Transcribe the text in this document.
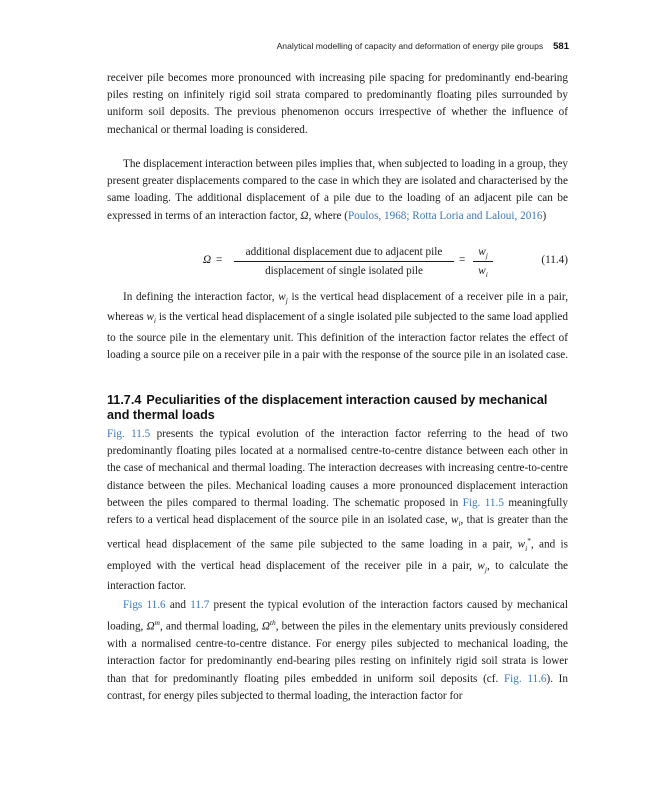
Analytical modelling of capacity and deformation of energy pile groups 581

receiver pile becomes more pronounced with increasing pile spacing for predominantly end-bearing piles resting on infinitely rigid soil strata compared to predominantly floating piles surrounded by uniform soil deposits. The previous phenomenon occurs irrespective of whether the influence of mechanical or thermal loading is considered.

The displacement interaction between piles implies that, when subjected to loading in a group, they present greater displacements compared to the case in which they are isolated and characterised by the same loading. The additional displacement of a pile due to the loading of an adjacent pile can be expressed in terms of an interaction factor, Ω, where (Poulos, 1968; Rotta Loria and Laloui, 2016)

Ω =
additional displacement due to adjacent pile
displacement of single isolated pile
=
$w_j$
$w_i$
(11.4)

In defining the interaction factor, $w_j$ is the vertical head displacement of a receiver pile in a pair, whereas $w_i$ is the vertical head displacement of a single isolated pile subjected to the same load applied to the source pile in the elementary unit. This definition of the interaction factor relates the effect of loading a source pile on a receiver pile in a pair with the response of the source pile in an isolated case.

11.7.4 Peculiarities of the displacement interaction caused by mechanical and thermal loads

Fig. 11.5 presents the typical evolution of the interaction factor referring to the head of two predominantly floating piles located at a normalised centre-to-centre distance between each other in the case of mechanical and thermal loading. The interaction decreases with increasing centre-to-centre distance between the piles. Mechanical loading causes a more pronounced displacement interaction between the piles compared to thermal loading. The schematic proposed in Fig. 11.5 meaningfully refers to a vertical head displacement of the source pile in an isolated case, $w_i$, that is greater than the vertical head displacement of the same pile subjected to the same loading in a pair, $w_i^*$, and is employed with the vertical head displacement of the receiver pile in a pair, $w_j$, to calculate the interaction factor.

Figs 11.6 and 11.7 present the typical evolution of the interaction factors caused by mechanical loading, $\Omega^m$, and thermal loading, $\Omega^{th}$, between the piles in the elementary units previously considered with a normalised centre-to-centre distance. For energy piles subjected to mechanical loading, the interaction factor for predominantly end-bearing piles resting on infinitely rigid soil strata is lower than that for predominantly floating piles embedded in uniform soil deposits (cf. Fig. 11.6). In contrast, for energy piles subjected to thermal loading, the interaction factor for
